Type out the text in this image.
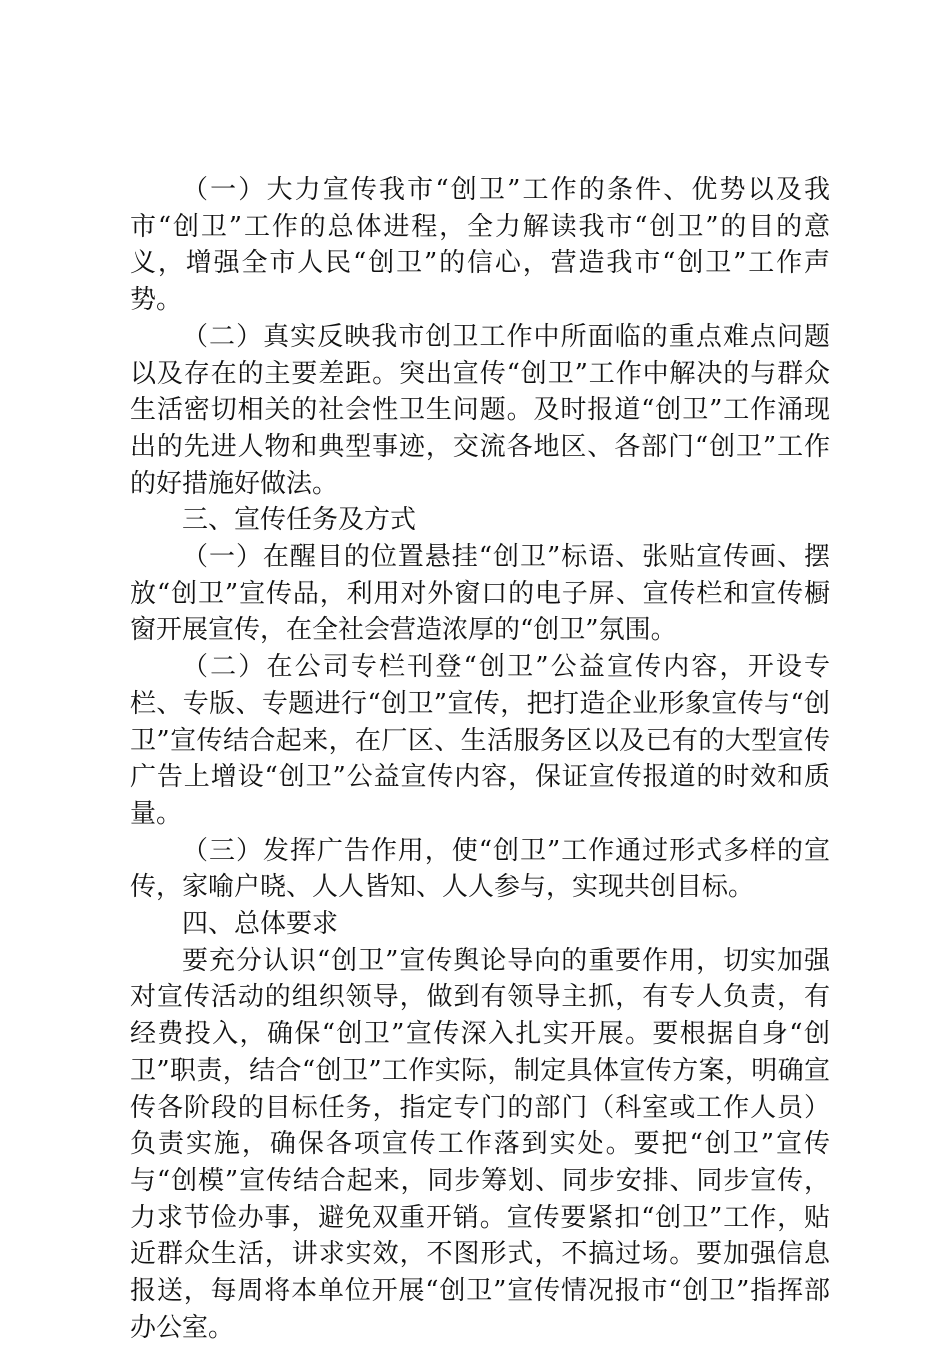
（一）大力宣传我市“创卫”工作的条件、优势以及我市“创卫”工作的总体进程，全力解读我市“创卫”的目的意义，增强全市人民“创卫”的信心，营造我市“创卫”工作声势。

（二）真实反映我市创卫工作中所面临的重点难点问题以及存在的主要差距。突出宣传“创卫”工作中解决的与群众生活密切相关的社会性卫生问题。及时报道“创卫”工作涌现出的先进人物和典型事迹，交流各地区、各部门“创卫”工作的好措施好做法。

三、宣传任务及方式

（一）在醒目的位置悬挂“创卫”标语、张贴宣传画、摆放“创卫”宣传品，利用对外窗口的电子屏、宣传栏和宣传橱窗开展宣传，在全社会营造浓厚的“创卫”氛围。

（二）在公司专栏刊登“创卫”公益宣传内容，开设专栏、专版、专题进行“创卫”宣传，把打造企业形象宣传与“创卫”宣传结合起来，在厂区、生活服务区以及已有的大型宣传广告上增设“创卫”公益宣传内容，保证宣传报道的时效和质量。

（三）发挥广告作用，使“创卫”工作通过形式多样的宣传，家喻户晓、人人皆知、人人参与，实现共创目标。

四、总体要求

要充分认识“创卫”宣传舆论导向的重要作用，切实加强对宣传活动的组织领导，做到有领导主抓，有专人负责，有经费投入，确保“创卫”宣传深入扎实开展。要根据自身“创卫”职责，结合“创卫”工作实际，制定具体宣传方案，明确宣传各阶段的目标任务，指定专门的部门（科室或工作人员）负责实施，确保各项宣传工作落到实处。要把“创卫”宣传与“创模”宣传结合起来，同步筹划、同步安排、同步宣传，力求节俭办事，避免双重开销。宣传要紧扣“创卫”工作，贴近群众生活，讲求实效，不图形式，不搞过场。要加强信息报送，每周将本单位开展“创卫”宣传情况报市“创卫”指挥部办公室。
